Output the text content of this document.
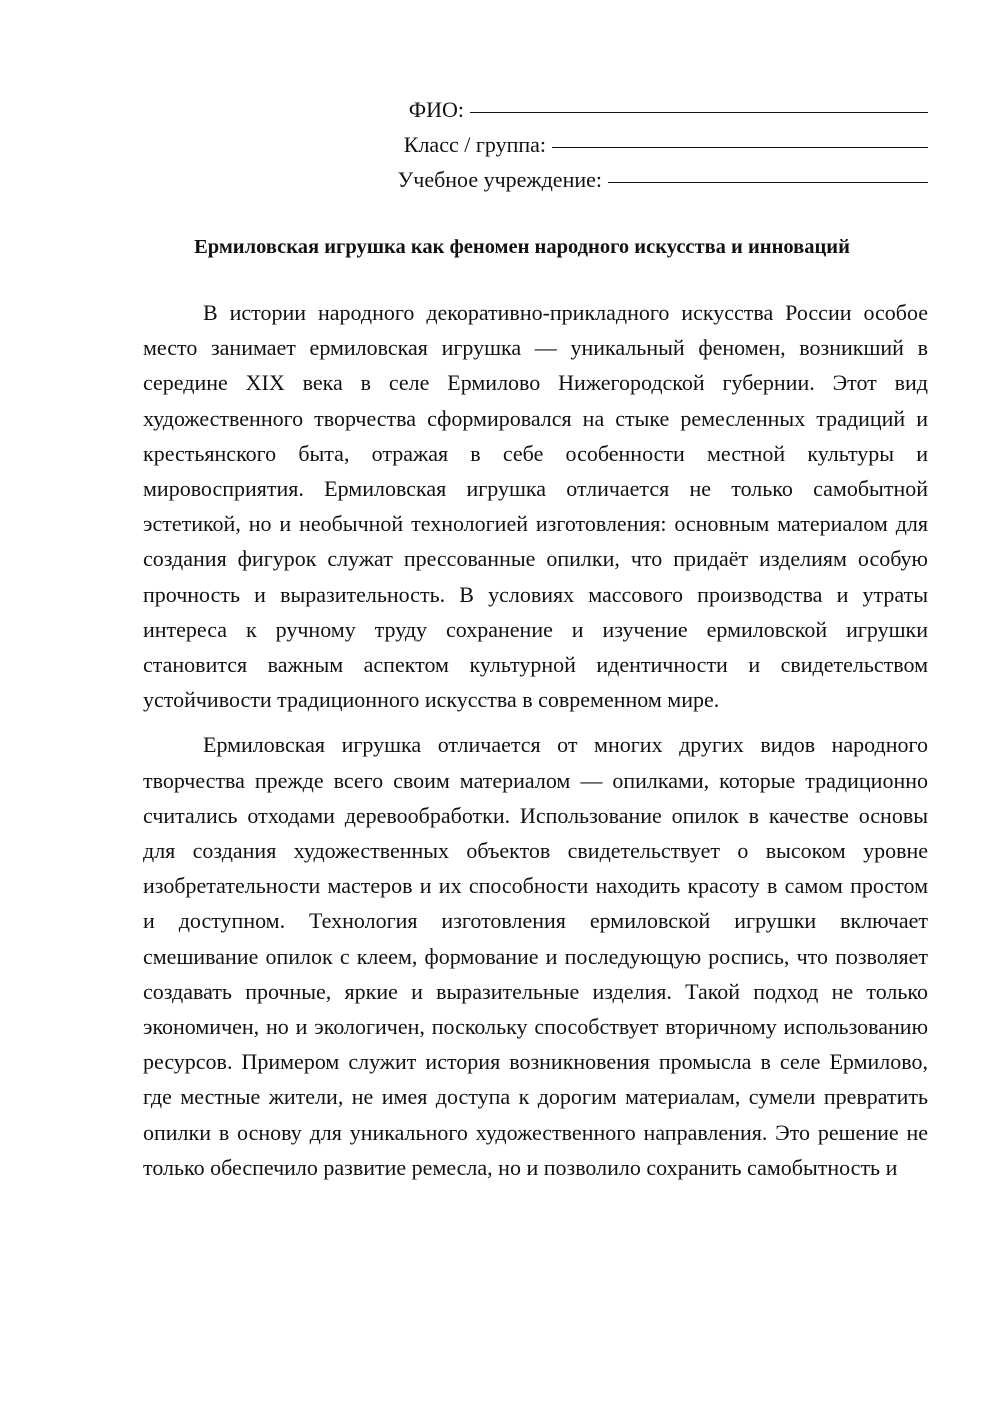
ФИО:
Класс / группа:
Учебное учреждение:
Ермиловская игрушка как феномен народного искусства и инноваций

В истории народного декоративно-прикладного искусства России особое место занимает ермиловская игрушка — уникальный феномен, возникший в середине XIX века в селе Ермилово Нижегородской губернии. Этот вид художественного творчества сформировался на стыке ремесленных традиций и крестьянского быта, отражая в себе особенности местной культуры и мировосприятия. Ермиловская игрушка отличается не только самобытной эстетикой, но и необычной технологией изготовления: основным материалом для создания фигурок служат прессованные опилки, что придаёт изделиям особую прочность и выразительность. В условиях массового производства и утраты интереса к ручному труду сохранение и изучение ермиловской игрушки становится важным аспектом культурной идентичности и свидетельством устойчивости традиционного искусства в современном мире.

Ермиловская игрушка отличается от многих других видов народного творчества прежде всего своим материалом — опилками, которые традиционно считались отходами деревообработки. Использование опилок в качестве основы для создания художественных объектов свидетельствует о высоком уровне изобретательности мастеров и их способности находить красоту в самом простом и доступном. Технология изготовления ермиловской игрушки включает смешивание опилок с клеем, формование и последующую роспись, что позволяет создавать прочные, яркие и выразительные изделия. Такой подход не только экономичен, но и экологичен, поскольку способствует вторичному использованию ресурсов. Примером служит история возникновения промысла в селе Ермилово, где местные жители, не имея доступа к дорогим материалам, сумели превратить опилки в основу для уникального художественного направления. Это решение не только обеспечило развитие ремесла, но и позволило сохранить самобытность и
